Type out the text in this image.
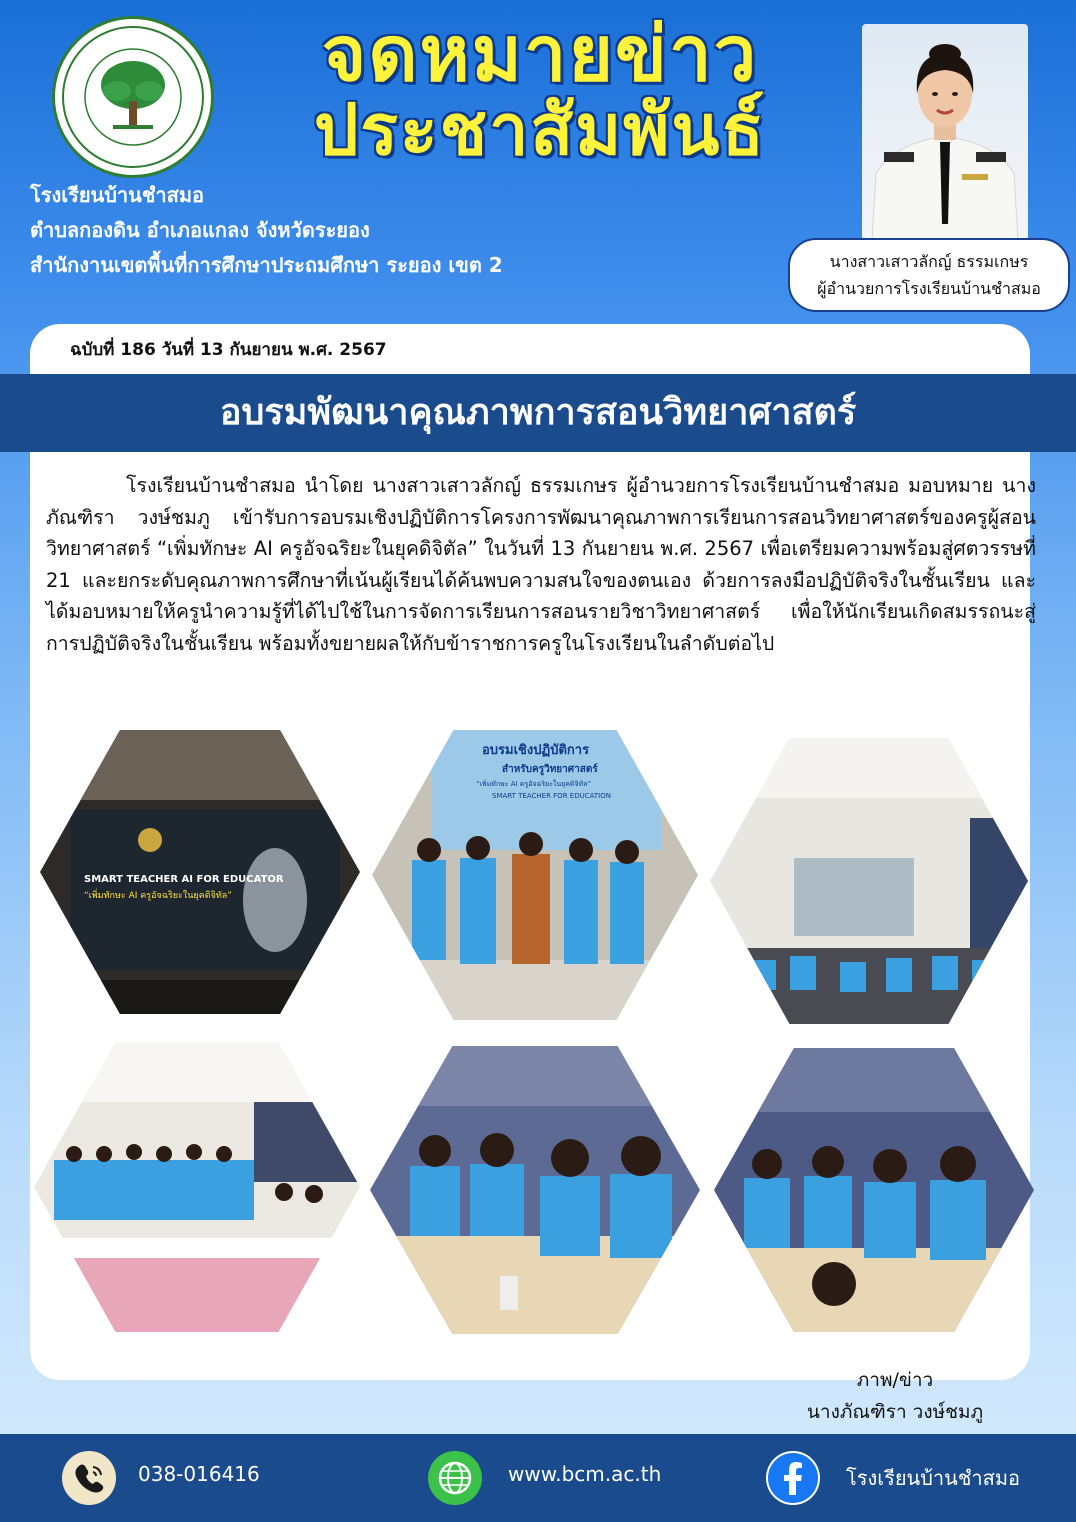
จดหมายข่าว
ประชาสัมพันธ์
โรงเรียนบ้านชำสมอ
ตำบลกองดิน อำเภอแกลง จังหวัดระยอง
สำนักงานเขตพื้นที่การศึกษาประถมศึกษา ระยอง เขต 2	นางสาวเสาวลักญ์ ธรรมเกษร
ผู้อำนวยการโรงเรียนบ้านชำสมอ
ฉบับที่ 186 วันที่ 13 กันยายน พ.ศ. 2567
อบรมพัฒนาคุณภาพการสอนวิทยาศาสตร์

โรงเรียนบ้านชำสมอ นำโดย นางสาวเสาวลักญ์ ธรรมเกษร ผู้อำนวยการโรงเรียนบ้านชำสมอ มอบหมาย นางภัณฑิรา วงษ์ชมภู เข้ารับการอบรมเชิงปฏิบัติการโครงการพัฒนาคุณภาพการเรียนการสอนวิทยาศาสตร์ของครูผู้สอนวิทยาศาสตร์ “เพิ่มทักษะ AI ครูอัจฉริยะในยุคดิจิตัล” ในวันที่ 13 กันยายน พ.ศ. 2567 เพื่อเตรียมความพร้อมสู่ศตวรรษที่ 21 และยกระดับคุณภาพการศึกษาที่เน้นผู้เรียนได้ค้นพบความสนใจของตนเอง ด้วยการลงมือปฏิบัติจริงในชั้นเรียน และได้มอบหมายให้ครูนำความรู้ที่ได้ไปใช้ในการจัดการเรียนการสอนรายวิชาวิทยาศาสตร์ เพื่อให้นักเรียนเกิดสมรรถนะสู่การปฏิบัติจริงในชั้นเรียน พร้อมทั้งขยายผลให้กับข้าราชการครูในโรงเรียนในลำดับต่อไป

SMART TEACHER AI FOR EDUCATOR
“เพิ่มทักษะ AI ครูอัจฉริยะในยุคดิจิทัล”
อบรมเชิงปฏิบัติการ
สำหรับครูวิทยาศาสตร์
“เพิ่มทักษะ AI ครูอัจฉริยะในยุคดิจิทัล”
SMART TEACHER FOR EDUCATION
ภาพ/ข่าว
นางภัณฑิรา วงษ์ชมภู
038-016416	www.bcm.ac.th	โรงเรียนบ้านชำสมอ
